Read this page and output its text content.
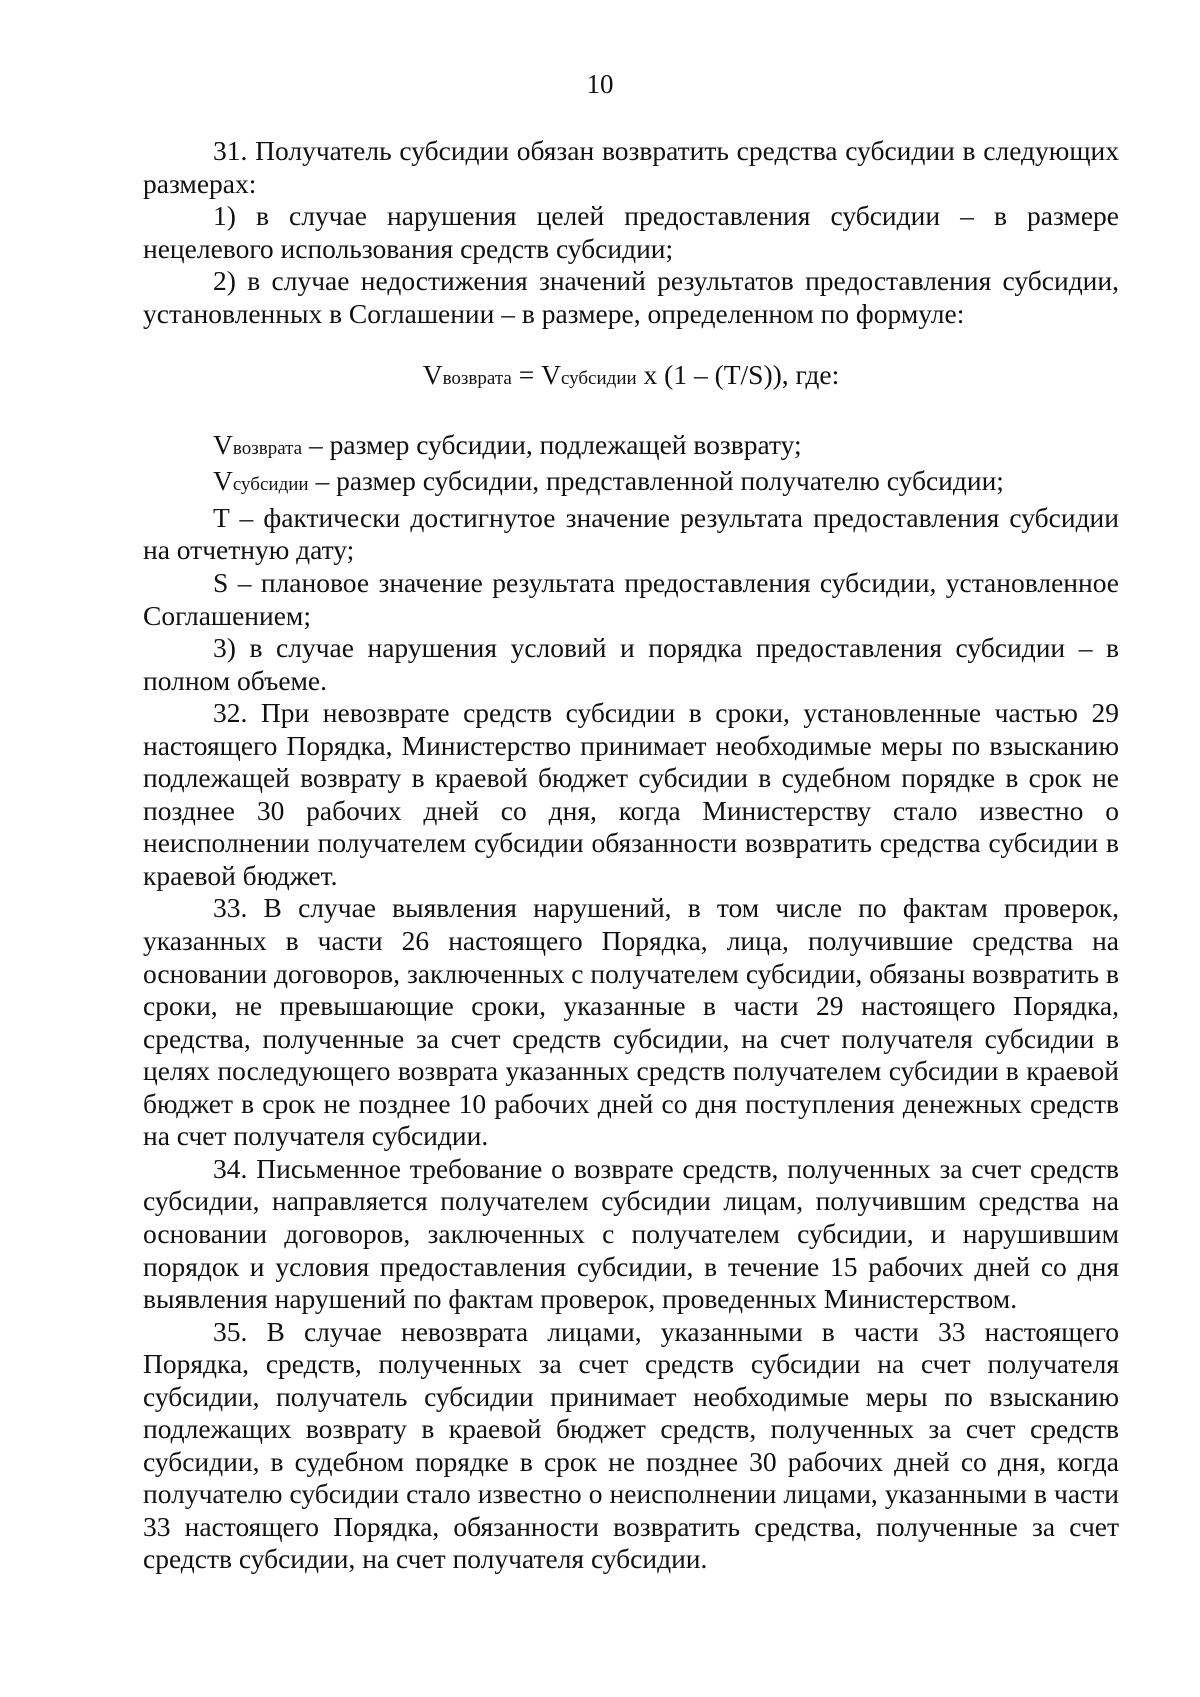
10

31. Получатель субсидии обязан возвратить средства субсидии в следующих размерах:

1) в случае нарушения целей предоставления субсидии – в размере нецелевого использования средств субсидии;

2) в случае недостижения значений результатов предоставления субсидии, установленных в Соглашении – в размере, определенном по формуле:

Vвозврата = Vсубсидии x (1 – (T/S)), где:

Vвозврата – размер субсидии, подлежащей возврату;

Vсубсидии – размер субсидии, представленной получателю субсидии;

T – фактически достигнутое значение результата предоставления субсидии на отчетную дату;

S – плановое значение результата предоставления субсидии, установленное Соглашением;

3) в случае нарушения условий и порядка предоставления субсидии – в полном объеме.

32. При невозврате средств субсидии в сроки, установленные частью 29 настоящего Порядка, Министерство принимает необходимые меры по взысканию подлежащей возврату в краевой бюджет субсидии в судебном порядке в срок не позднее 30 рабочих дней со дня, когда Министерству стало известно о неисполнении получателем субсидии обязанности возвратить средства субсидии в краевой бюджет.

33. В случае выявления нарушений, в том числе по фактам проверок, указанных в части 26 настоящего Порядка, лица, получившие средства на основании договоров, заключенных с получателем субсидии, обязаны возвратить в сроки, не превышающие сроки, указанные в части 29 настоящего Порядка, средства, полученные за счет средств субсидии, на счет получателя субсидии в целях последующего возврата указанных средств получателем субсидии в краевой бюджет в срок не позднее 10 рабочих дней со дня поступления денежных средств на счет получателя субсидии.

34. Письменное требование о возврате средств, полученных за счет средств субсидии, направляется получателем субсидии лицам, получившим средства на основании договоров, заключенных с получателем субсидии, и нарушившим порядок и условия предоставления субсидии, в течение 15 рабочих дней со дня выявления нарушений по фактам проверок, проведенных Министерством.

35. В случае невозврата лицами, указанными в части 33 настоящего Порядка, средств, полученных за счет средств субсидии на счет получателя субсидии, получатель субсидии принимает необходимые меры по взысканию подлежащих возврату в краевой бюджет средств, полученных за счет средств субсидии, в судебном порядке в срок не позднее 30 рабочих дней со дня, когда получателю субсидии стало известно о неисполнении лицами, указанными в части 33 настоящего Порядка, обязанности возвратить средства, полученные за счет средств субсидии, на счет получателя субсидии.
